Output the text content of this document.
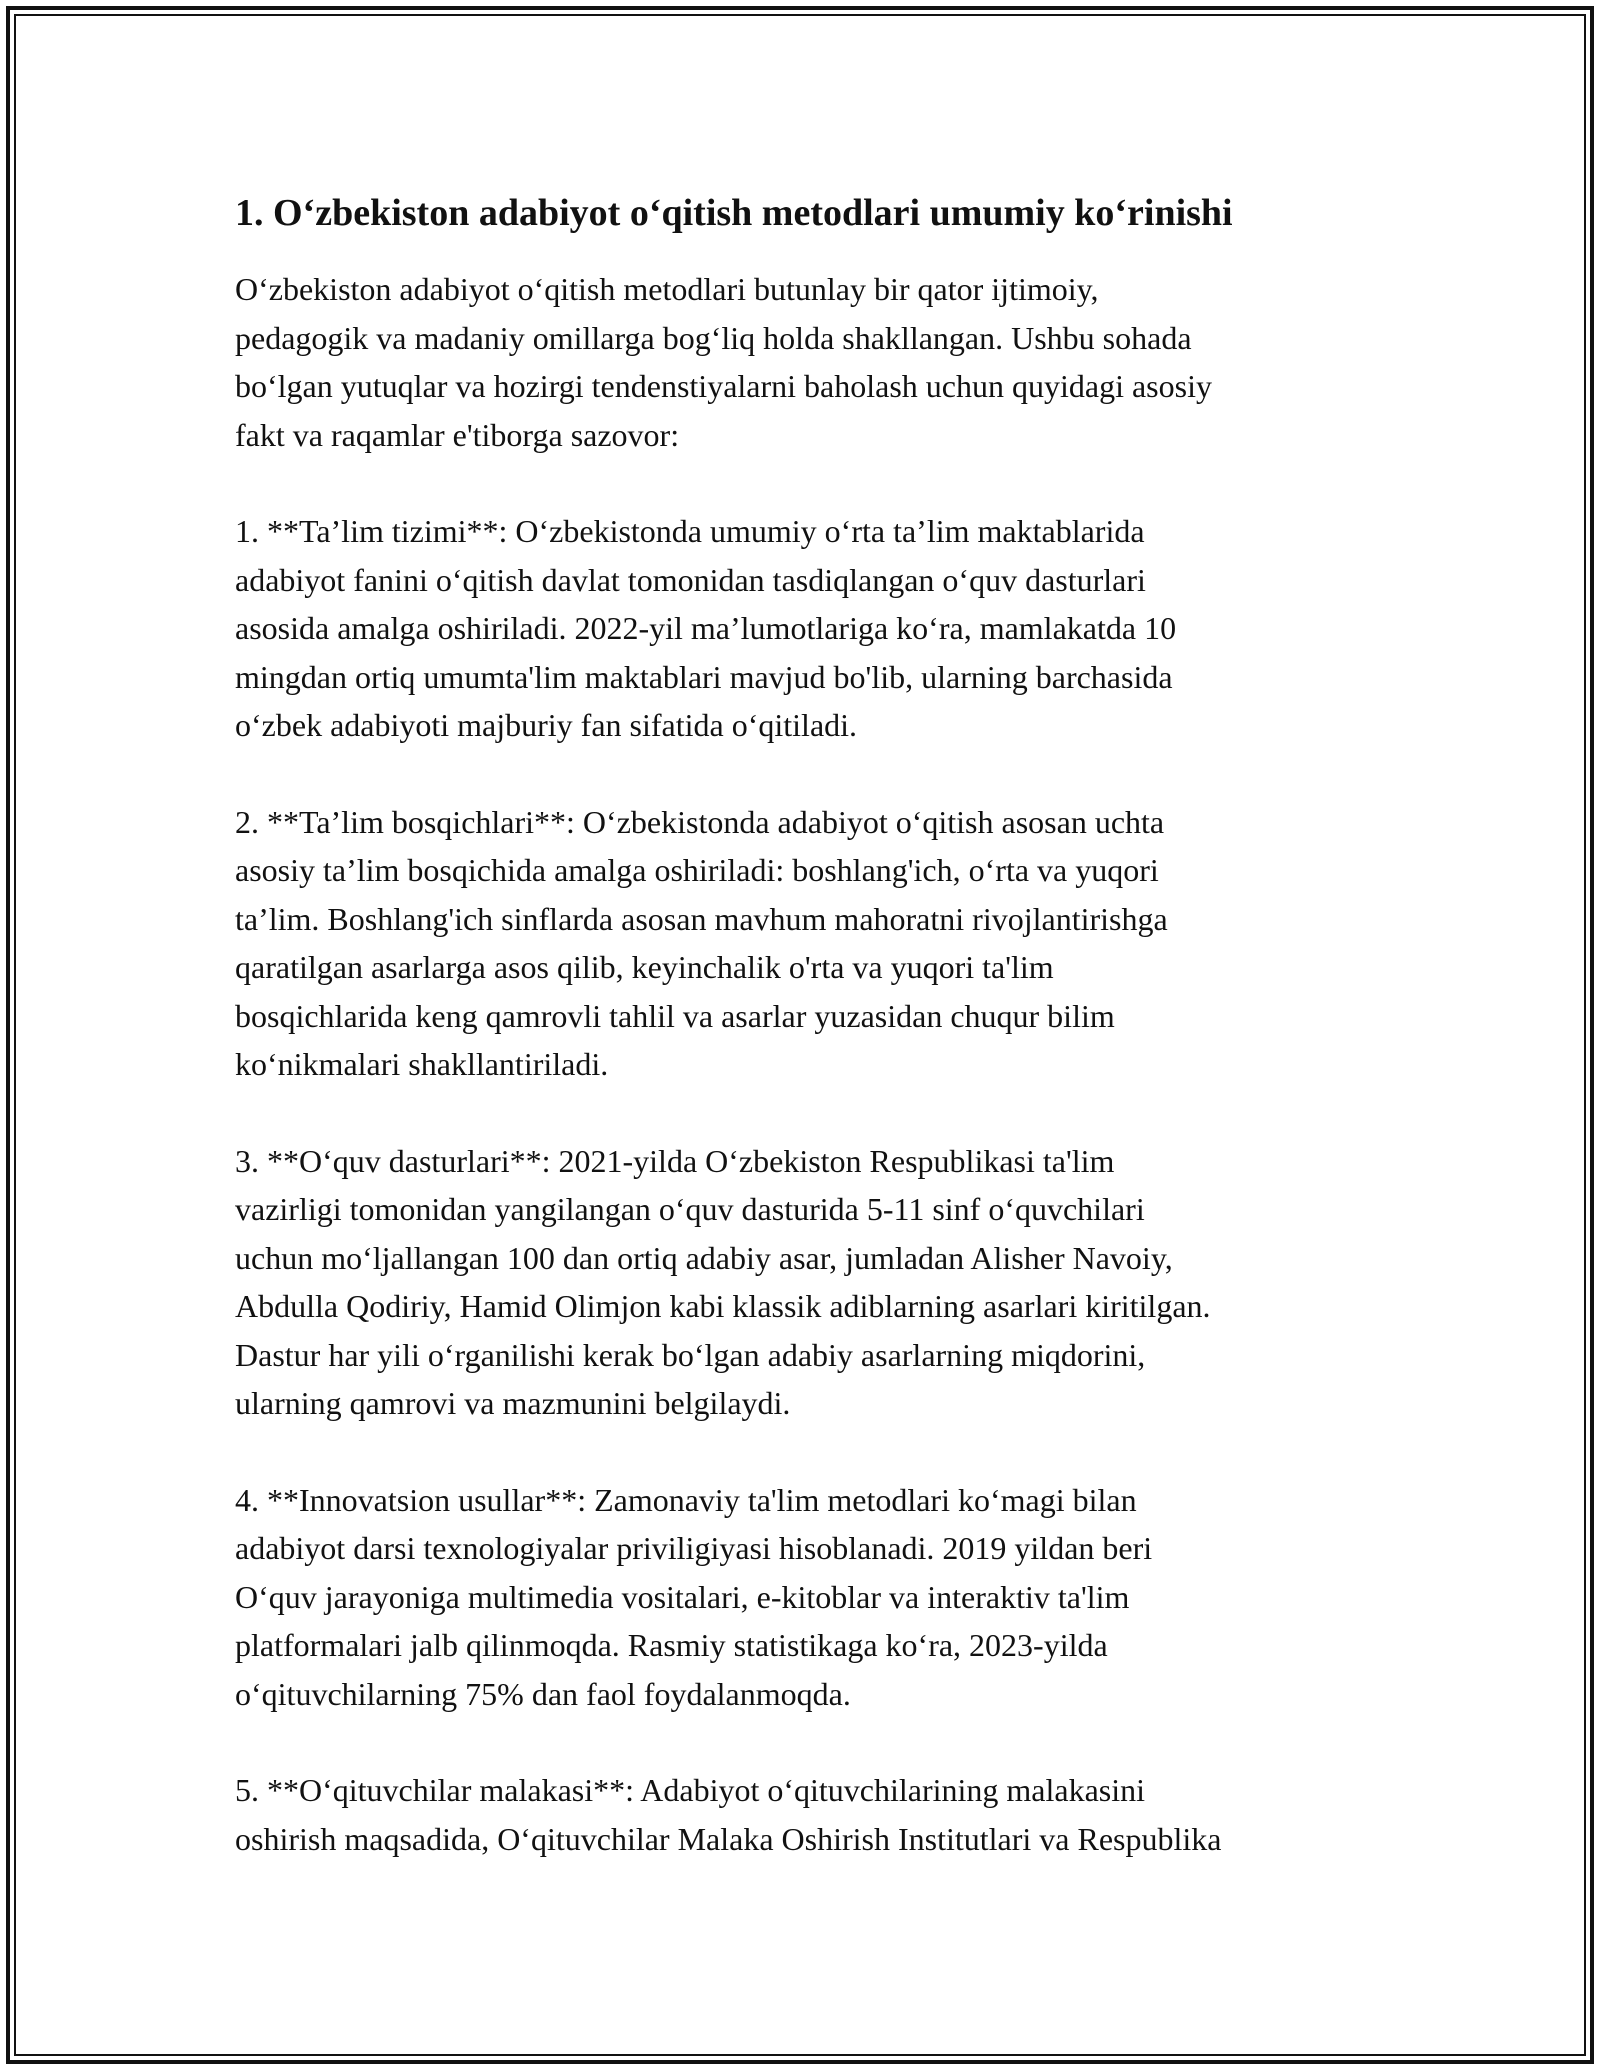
1. O‘zbekiston adabiyot o‘qitish metodlari umumiy ko‘rinishi
O‘zbekiston adabiyot o‘qitish metodlari butunlay bir qator ijtimoiy,
pedagogik va madaniy omillarga bog‘liq holda shakllangan. Ushbu sohada
bo‘lgan yutuqlar va hozirgi tendenstiyalarni baholash uchun quyidagi asosiy
fakt va raqamlar e'tiborga sazovor:
1. **Ta’lim tizimi**: O‘zbekistonda umumiy o‘rta ta’lim maktablarida
adabiyot fanini o‘qitish davlat tomonidan tasdiqlangan o‘quv dasturlari
asosida amalga oshiriladi. 2022-yil ma’lumotlariga ko‘ra, mamlakatda 10
mingdan ortiq umumta'lim maktablari mavjud bo'lib, ularning barchasida
o‘zbek adabiyoti majburiy fan sifatida o‘qitiladi.
2. **Ta’lim bosqichlari**: O‘zbekistonda adabiyot o‘qitish asosan uchta
asosiy ta’lim bosqichida amalga oshiriladi: boshlang'ich, o‘rta va yuqori
ta’lim. Boshlang'ich sinflarda asosan mavhum mahoratni rivojlantirishga
qaratilgan asarlarga asos qilib, keyinchalik o'rta va yuqori ta'lim
bosqichlarida keng qamrovli tahlil va asarlar yuzasidan chuqur bilim
ko‘nikmalari shakllantiriladi.
3. **O‘quv dasturlari**: 2021-yilda O‘zbekiston Respublikasi ta'lim
vazirligi tomonidan yangilangan o‘quv dasturida 5-11 sinf o‘quvchilari
uchun mo‘ljallangan 100 dan ortiq adabiy asar, jumladan Alisher Navoiy,
Abdulla Qodiriy, Hamid Olimjon kabi klassik adiblarning asarlari kiritilgan.
Dastur har yili o‘rganilishi kerak bo‘lgan adabiy asarlarning miqdorini,
ularning qamrovi va mazmunini belgilaydi.
4. **Innovatsion usullar**: Zamonaviy ta'lim metodlari ko‘magi bilan
adabiyot darsi texnologiyalar priviligiyasi hisoblanadi. 2019 yildan beri
O‘quv jarayoniga multimedia vositalari, e-kitoblar va interaktiv ta'lim
platformalari jalb qilinmoqda. Rasmiy statistikaga ko‘ra, 2023-yilda
o‘qituvchilarning 75% dan faol foydalanmoqda.
5. **O‘qituvchilar malakasi**: Adabiyot o‘qituvchilarining malakasini
oshirish maqsadida, O‘qituvchilar Malaka Oshirish Institutlari va Respublika
